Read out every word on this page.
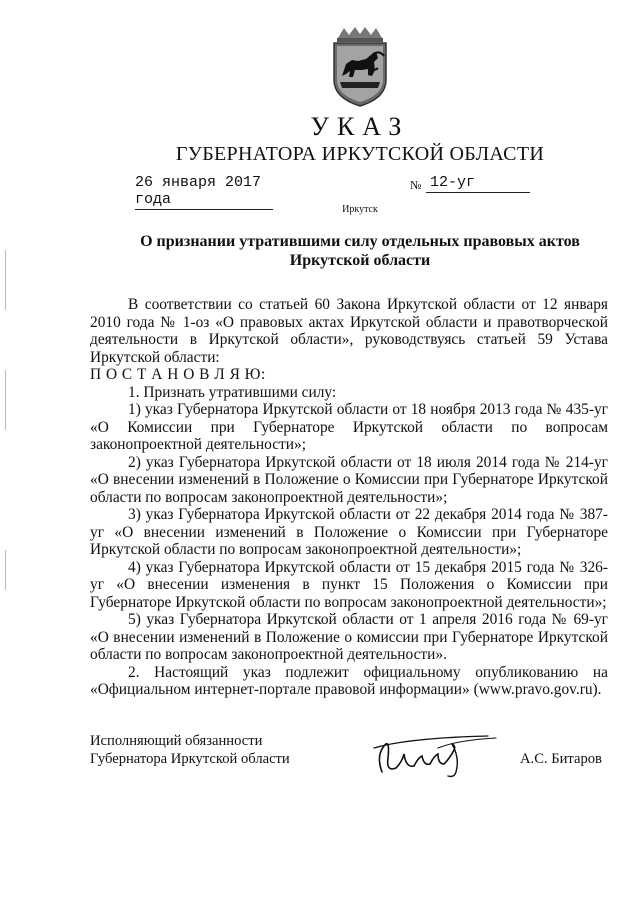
УКАЗ
ГУБЕРНАТОРА ИРКУТСКОЙ ОБЛАСТИ
26 января 2017 года
№ 12-уг
Иркутск
О признании утратившими силу отдельных правовых актов
Иркутской области

В соответствии со статьей 60 Закона Иркутской области от 12 января 2010 года № 1-оз «О правовых актах Иркутской области и правотворческой деятельности в Иркутской области», руководствуясь статьей 59 Устава Иркутской области:

П О С Т А Н О В Л Я Ю:

1. Признать утратившими силу:

1) указ Губернатора Иркутской области от 18 ноября 2013 года № 435-уг «О Комиссии при Губернаторе Иркутской области по вопросам законопроектной деятельности»;

2) указ Губернатора Иркутской области от 18 июля 2014 года № 214-уг «О внесении изменений в Положение о Комиссии при Губернаторе Иркутской области по вопросам законопроектной деятельности»;

3) указ Губернатора Иркутской области от 22 декабря 2014 года № 387-уг «О внесении изменений в Положение о Комиссии при Губернаторе Иркутской области по вопросам законопроектной деятельности»;

4) указ Губернатора Иркутской области от 15 декабря 2015 года № 326-уг «О внесении изменения в пункт 15 Положения о Комиссии при Губернаторе Иркутской области по вопросам законопроектной деятельности»;

5) указ Губернатора Иркутской области от 1 апреля 2016 года № 69-уг «О внесении изменений в Положение о комиссии при Губернаторе Иркутской области по вопросам законопроектной деятельности».

2. Настоящий указ подлежит официальному опубликованию на «Официальном интернет-портале правовой информации» (www.pravo.gov.ru).

Исполняющий обязанности
Губернатора Иркутской области	А.С. Битаров
